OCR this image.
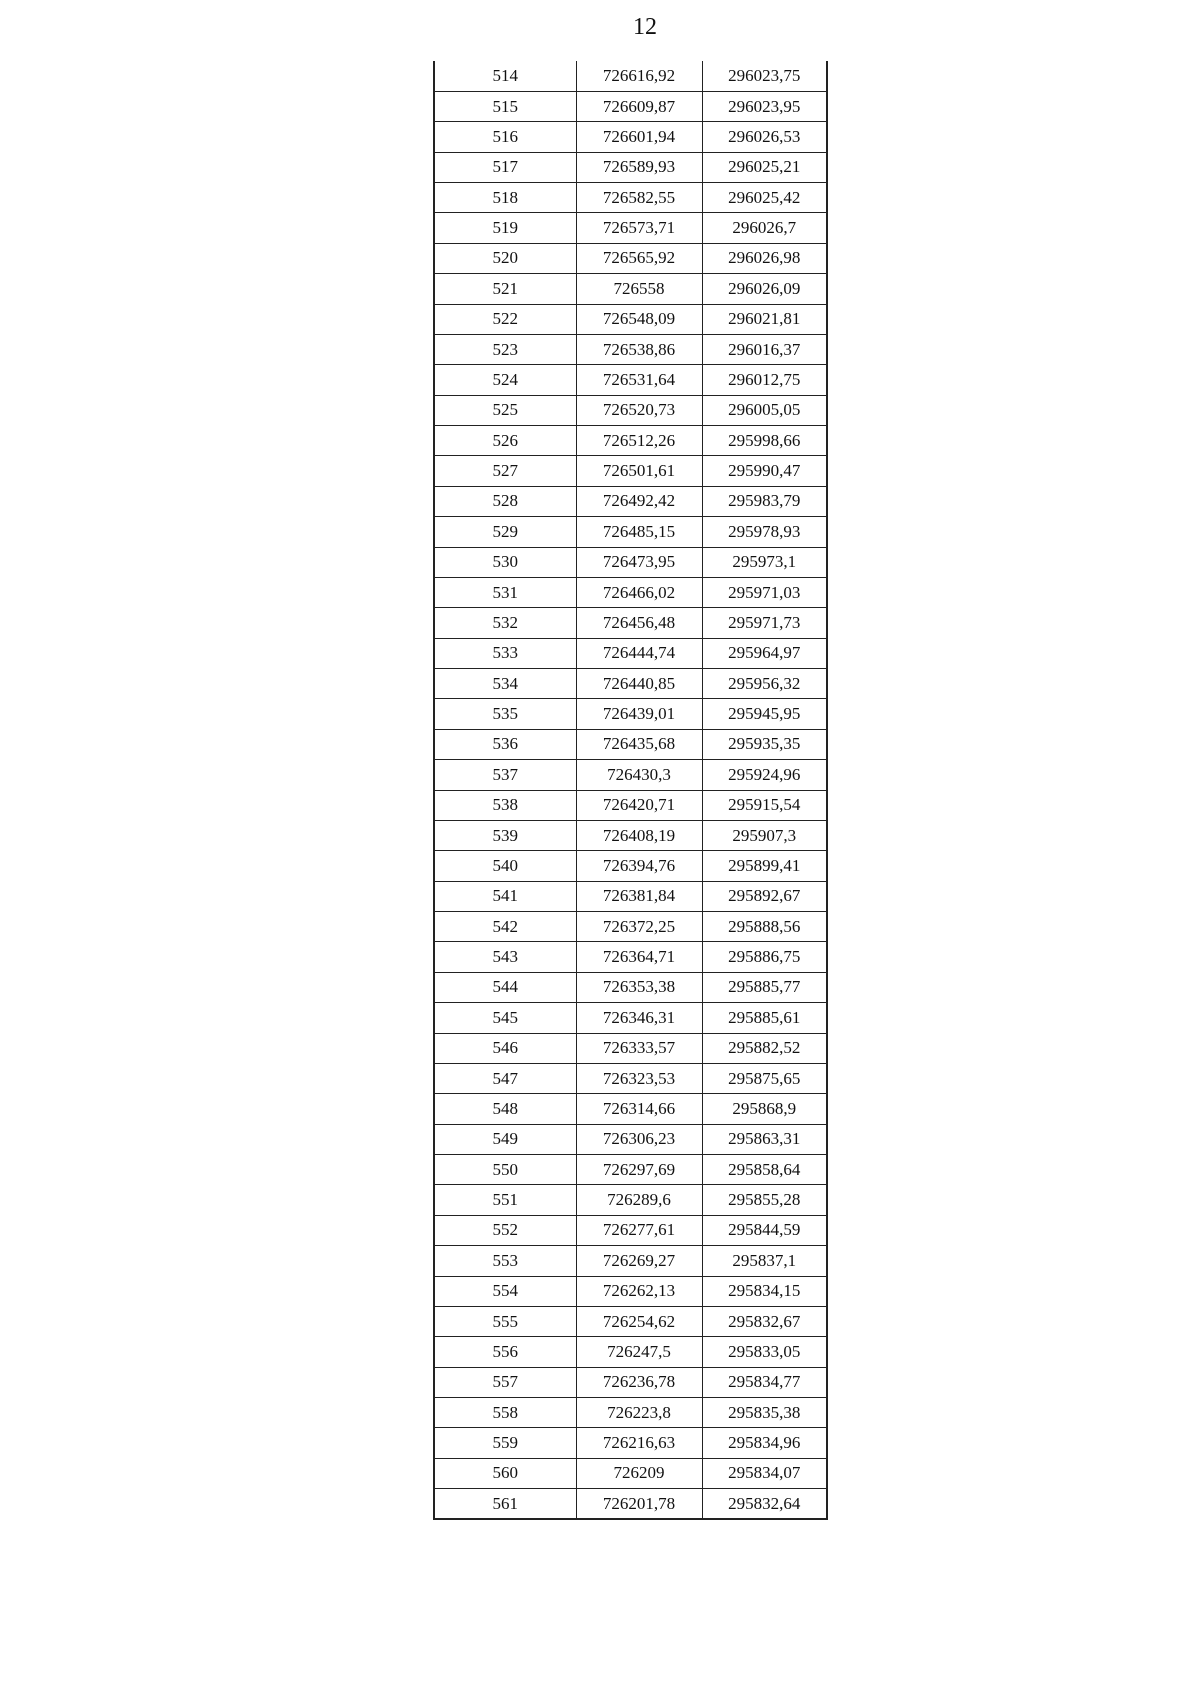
12
514	726616,92	296023,75
515	726609,87	296023,95
516	726601,94	296026,53
517	726589,93	296025,21
518	726582,55	296025,42
519	726573,71	296026,7
520	726565,92	296026,98
521	726558	296026,09
522	726548,09	296021,81
523	726538,86	296016,37
524	726531,64	296012,75
525	726520,73	296005,05
526	726512,26	295998,66
527	726501,61	295990,47
528	726492,42	295983,79
529	726485,15	295978,93
530	726473,95	295973,1
531	726466,02	295971,03
532	726456,48	295971,73
533	726444,74	295964,97
534	726440,85	295956,32
535	726439,01	295945,95
536	726435,68	295935,35
537	726430,3	295924,96
538	726420,71	295915,54
539	726408,19	295907,3
540	726394,76	295899,41
541	726381,84	295892,67
542	726372,25	295888,56
543	726364,71	295886,75
544	726353,38	295885,77
545	726346,31	295885,61
546	726333,57	295882,52
547	726323,53	295875,65
548	726314,66	295868,9
549	726306,23	295863,31
550	726297,69	295858,64
551	726289,6	295855,28
552	726277,61	295844,59
553	726269,27	295837,1
554	726262,13	295834,15
555	726254,62	295832,67
556	726247,5	295833,05
557	726236,78	295834,77
558	726223,8	295835,38
559	726216,63	295834,96
560	726209	295834,07
561	726201,78	295832,64
